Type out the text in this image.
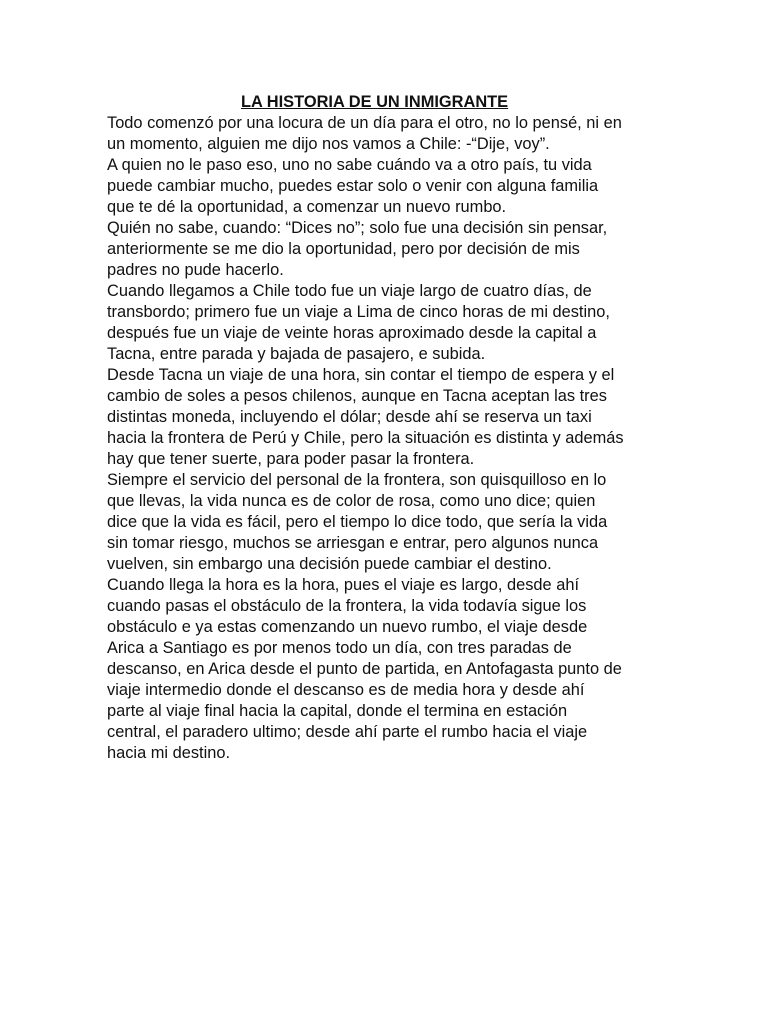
LA HISTORIA DE UN INMIGRANTE
Todo comenzó por una locura de un día para el otro, no lo pensé, ni en
un momento, alguien me dijo nos vamos a Chile: -“Dije, voy”.
A quien no le paso eso, uno no sabe cuándo va a otro país, tu vida
puede cambiar mucho, puedes estar solo o venir con alguna familia
que te dé la oportunidad, a comenzar un nuevo rumbo.
Quién no sabe, cuando: “Dices no”; solo fue una decisión sin pensar,
anteriormente se me dio la oportunidad, pero por decisión de mis
padres no pude hacerlo.
Cuando llegamos a Chile todo fue un viaje largo de cuatro días, de
transbordo; primero fue un viaje a Lima de cinco horas de mi destino,
después fue un viaje de veinte horas aproximado desde la capital a
Tacna, entre parada y bajada de pasajero, e subida.
Desde Tacna un viaje de una hora, sin contar el tiempo de espera y el
cambio de soles a pesos chilenos, aunque en Tacna aceptan las tres
distintas moneda, incluyendo el dólar; desde ahí se reserva un taxi
hacia la frontera de Perú y Chile, pero la situación es distinta y además
hay que tener suerte, para poder pasar la frontera.
Siempre el servicio del personal de la frontera, son quisquilloso en lo
que llevas, la vida nunca es de color de rosa, como uno dice; quien
dice que la vida es fácil, pero el tiempo lo dice todo, que sería la vida
sin tomar riesgo, muchos se arriesgan e entrar, pero algunos nunca
vuelven, sin embargo una decisión puede cambiar el destino.
Cuando llega la hora es la hora, pues el viaje es largo, desde ahí
cuando pasas el obstáculo de la frontera, la vida todavía sigue los
obstáculo e ya estas comenzando un nuevo rumbo, el viaje desde
Arica a Santiago es por menos todo un día, con tres paradas de
descanso, en Arica desde el punto de partida, en Antofagasta punto de
viaje intermedio donde el descanso es de media hora y desde ahí
parte al viaje final hacia la capital, donde el termina en estación
central, el paradero ultimo; desde ahí parte el rumbo hacia el viaje
hacia mi destino.
